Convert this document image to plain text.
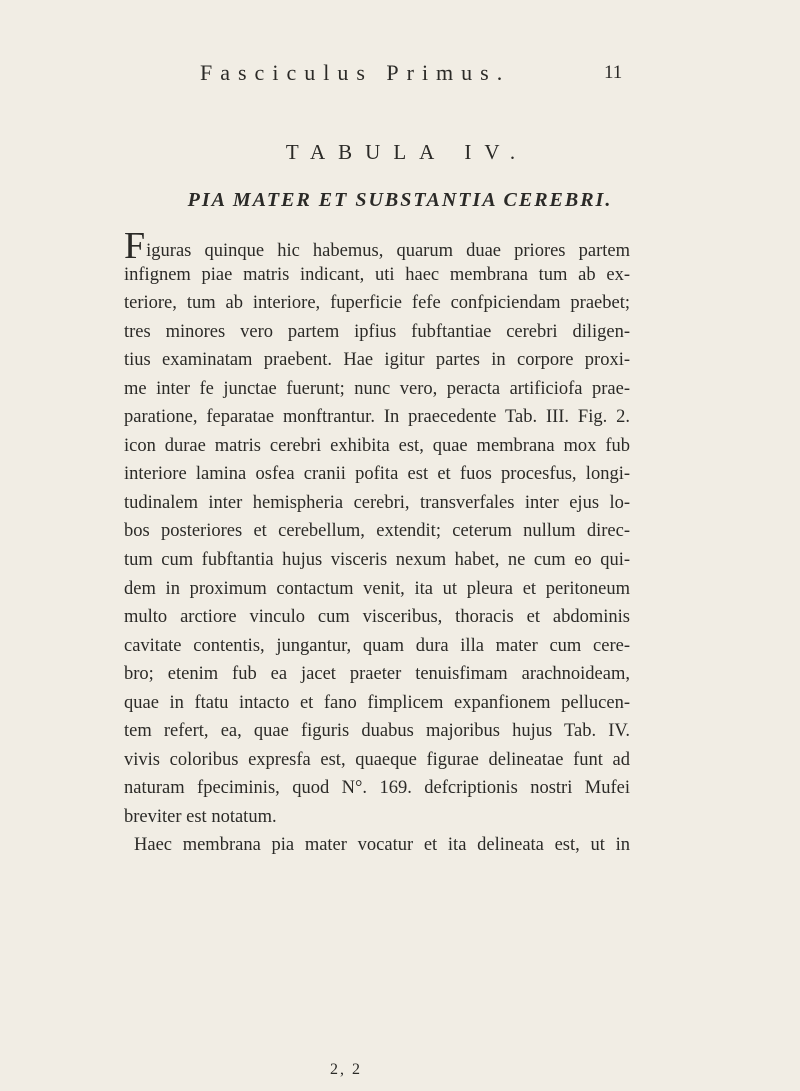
Fasciculus Primus.	11
TABULA IV.
PIA MATER ET SUBSTANTIA CEREBRI.
Figuras quinque hic habemus, quarum duae priores partem
infignem piae matris indicant, uti haec membrana tum ab ex-
teriore, tum ab interiore, fuperficie fefe confpiciendam praebet;
tres minores vero partem ipfius fubftantiae cerebri diligen-
tius examinatam praebent. Hae igitur partes in corpore proxi-
me inter fe junctae fuerunt; nunc vero, peracta artificiofa prae-
paratione, feparatae monftrantur. In praecedente Tab. III. Fig. 2.
icon durae matris cerebri exhibita est, quae membrana mox fub
interiore lamina osfea cranii pofita est et fuos procesfus, longi-
tudinalem inter hemispheria cerebri, transverfales inter ejus lo-
bos posteriores et cerebellum, extendit; ceterum nullum direc-
tum cum fubftantia hujus visceris nexum habet, ne cum eo qui-
dem in proximum contactum venit, ita ut pleura et peritoneum
multo arctiore vinculo cum visceribus, thoracis et abdominis
cavitate contentis, jungantur, quam dura illa mater cum cere-
bro; etenim fub ea jacet praeter tenuisfimam arachnoideam,
quae in ftatu intacto et fano fimplicem expanfionem pellucen-
tem refert, ea, quae figuris duabus majoribus hujus Tab. IV.
vivis coloribus expresfa est, quaeque figurae delineatae funt ad
naturam fpeciminis, quod N°. 169. defcriptionis nostri Mufei
breviter est notatum.
Haec membrana pia mater vocatur et ita delineata est, ut in
2, 2
